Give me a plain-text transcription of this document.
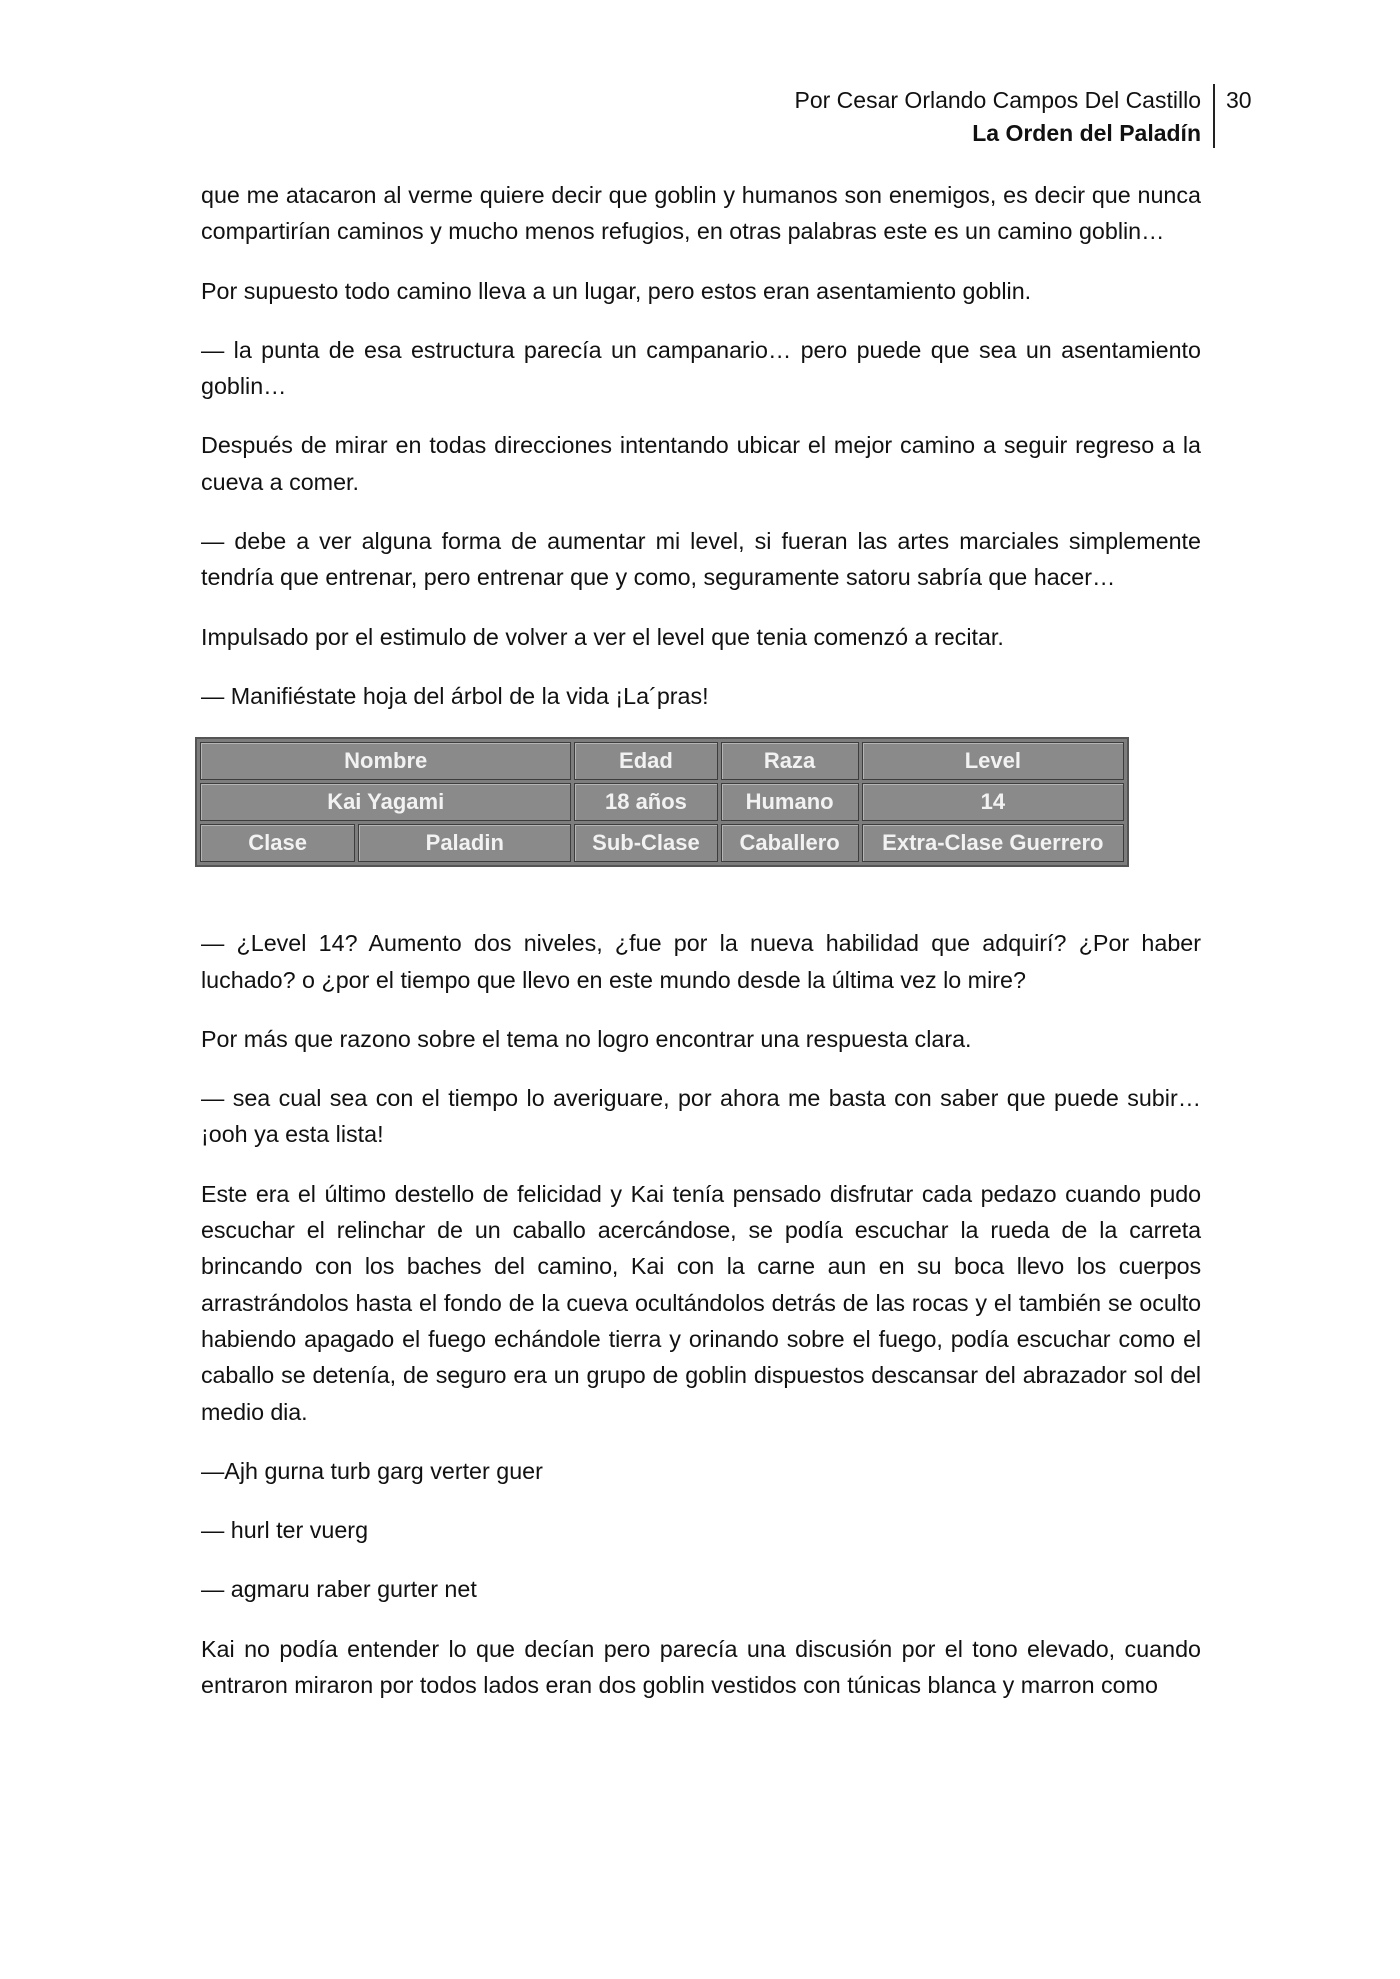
Por Cesar Orlando Campos Del Castillo
La Orden del Paladín
30

que me atacaron al verme quiere decir que goblin y humanos son enemigos, es decir que nunca compartirían caminos y mucho menos refugios, en otras palabras este es un camino goblin…

Por supuesto todo camino lleva a un lugar, pero estos eran asentamiento goblin.

— la punta de esa estructura parecía un campanario… pero puede que sea un asentamiento goblin…

Después de mirar en todas direcciones intentando ubicar el mejor camino a seguir regreso a la cueva a comer.

— debe a ver alguna forma de aumentar mi level, si fueran las artes marciales simplemente tendría que entrenar, pero entrenar que y como, seguramente satoru sabría que hacer…

Impulsado por el estimulo de volver a ver el level que tenia comenzó a recitar.

— Manifiéstate hoja del árbol de la vida ¡La´pras!

Nombre		Edad	Raza	Level
Kai Yagami		18 años	Humano	14
Clase	Paladin	Sub-Clase	Caballero	Extra-Clase Guerrero

— ¿Level 14? Aumento dos niveles, ¿fue por la nueva habilidad que adquirí? ¿Por haber luchado? o ¿por el tiempo que llevo en este mundo desde la última vez lo mire?

Por más que razono sobre el tema no logro encontrar una respuesta clara.

— sea cual sea con el tiempo lo averiguare, por ahora me basta con saber que puede subir… ¡ooh ya esta lista!

Este era el último destello de felicidad y Kai tenía pensado disfrutar cada pedazo cuando pudo escuchar el relinchar de un caballo acercándose, se podía escuchar la rueda de la carreta brincando con los baches del camino, Kai con la carne aun en su boca llevo los cuerpos arrastrándolos hasta el fondo de la cueva ocultándolos detrás de las rocas y el también se oculto habiendo apagado el fuego echándole tierra y orinando sobre el fuego, podía escuchar como el caballo se detenía, de seguro era un grupo de goblin dispuestos descansar del abrazador sol del medio dia.

—Ajh gurna turb garg verter guer

— hurl ter vuerg

— agmaru raber gurter net

Kai no podía entender lo que decían pero parecía una discusión por el tono elevado, cuando entraron miraron por todos lados eran dos goblin vestidos con túnicas blanca y marron como
